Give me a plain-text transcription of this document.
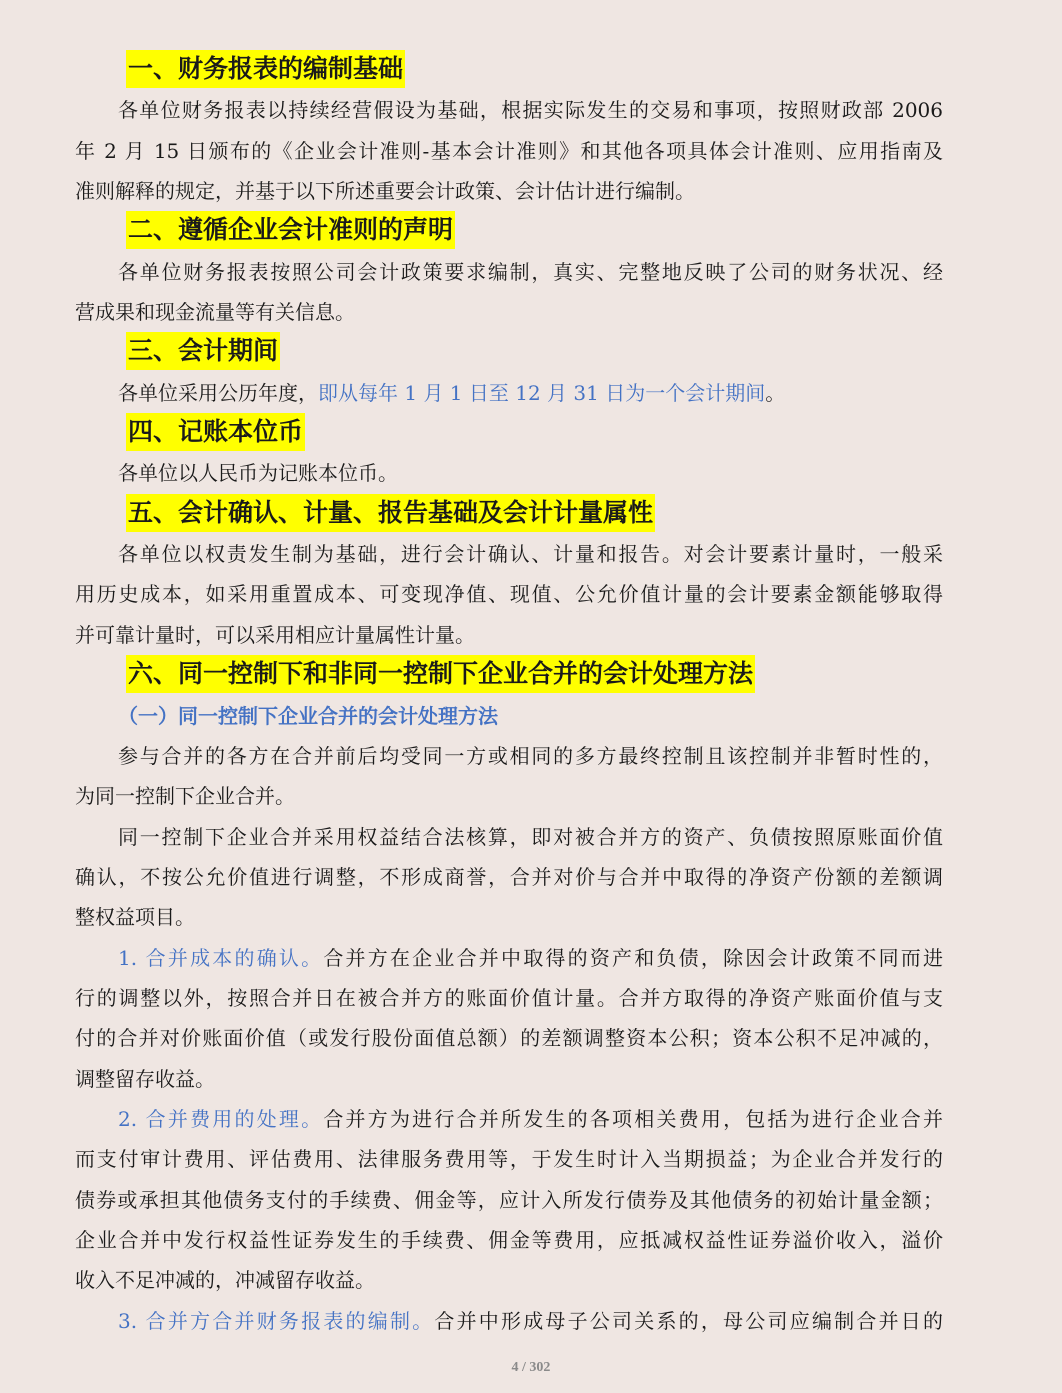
一、财务报表的编制基础
各单位财务报表以持续经营假设为基础，根据实际发生的交易和事项，按照财政部 2006
年 2 月 15 日颁布的《企业会计准则-基本会计准则》和其他各项具体会计准则、应用指南及
准则解释的规定，并基于以下所述重要会计政策、会计估计进行编制。
二、遵循企业会计准则的声明
各单位财务报表按照公司会计政策要求编制，真实、完整地反映了公司的财务状况、经
营成果和现金流量等有关信息。
三、会计期间
各单位采用公历年度，即从每年 1 月 1 日至 12 月 31 日为一个会计期间。
四、记账本位币
各单位以人民币为记账本位币。
五、会计确认、计量、报告基础及会计计量属性
各单位以权责发生制为基础，进行会计确认、计量和报告。对会计要素计量时，一般采
用历史成本，如采用重置成本、可变现净值、现值、公允价值计量的会计要素金额能够取得
并可靠计量时，可以采用相应计量属性计量。
六、同一控制下和非同一控制下企业合并的会计处理方法
（一）同一控制下企业合并的会计处理方法
参与合并的各方在合并前后均受同一方或相同的多方最终控制且该控制并非暂时性的，
为同一控制下企业合并。
同一控制下企业合并采用权益结合法核算，即对被合并方的资产、负债按照原账面价值
确认，不按公允价值进行调整，不形成商誉，合并对价与合并中取得的净资产份额的差额调
整权益项目。
1. 合并成本的确认。合并方在企业合并中取得的资产和负债，除因会计政策不同而进
行的调整以外，按照合并日在被合并方的账面价值计量。合并方取得的净资产账面价值与支
付的合并对价账面价值（或发行股份面值总额）的差额调整资本公积；资本公积不足冲减的，
调整留存收益。
2. 合并费用的处理。合并方为进行合并所发生的各项相关费用，包括为进行企业合并
而支付审计费用、评估费用、法律服务费用等，于发生时计入当期损益；为企业合并发行的
债券或承担其他债务支付的手续费、佣金等，应计入所发行债券及其他债务的初始计量金额；
企业合并中发行权益性证券发生的手续费、佣金等费用，应抵减权益性证券溢价收入，溢价
收入不足冲减的，冲减留存收益。
3. 合并方合并财务报表的编制。合并中形成母子公司关系的，母公司应编制合并日的
4 / 302
